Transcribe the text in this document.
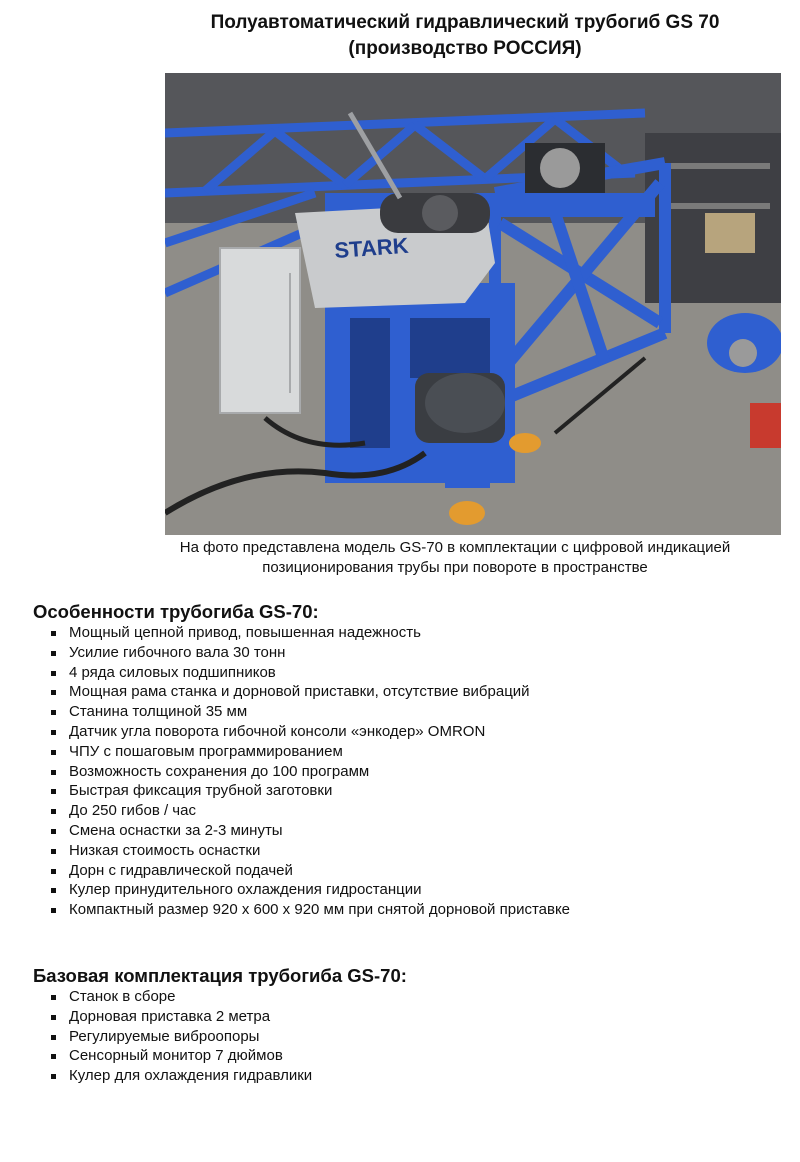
Полуавтоматический гидравлический трубогиб GS 70
(производство РОССИЯ)
STARK
На фото представлена модель GS-70 в комплектации с цифровой индикацией
позиционирования трубы при повороте в пространстве
Особенности трубогиба GS-70:
Мощный цепной привод, повышенная надежность
Усилие гибочного вала 30 тонн
4 ряда силовых подшипников
Мощная рама станка и дорновой приставки, отсутствие вибраций
Станина толщиной 35 мм
Датчик угла поворота гибочной консоли «энкодер» OMRON
ЧПУ с пошаговым программированием
Возможность сохранения до 100 программ
Быстрая фиксация трубной заготовки
До 250 гибов / час
Смена оснастки за 2-3 минуты
Низкая стоимость оснастки
Дорн с гидравлической подачей
Кулер принудительного охлаждения гидростанции
Компактный размер 920 х 600 х 920 мм при снятой дорновой приставке
Базовая комплектация трубогиба GS-70:
Станок в сборе
Дорновая приставка 2 метра
Регулируемые виброопоры
Сенсорный монитор 7 дюймов
Кулер для охлаждения гидравлики
